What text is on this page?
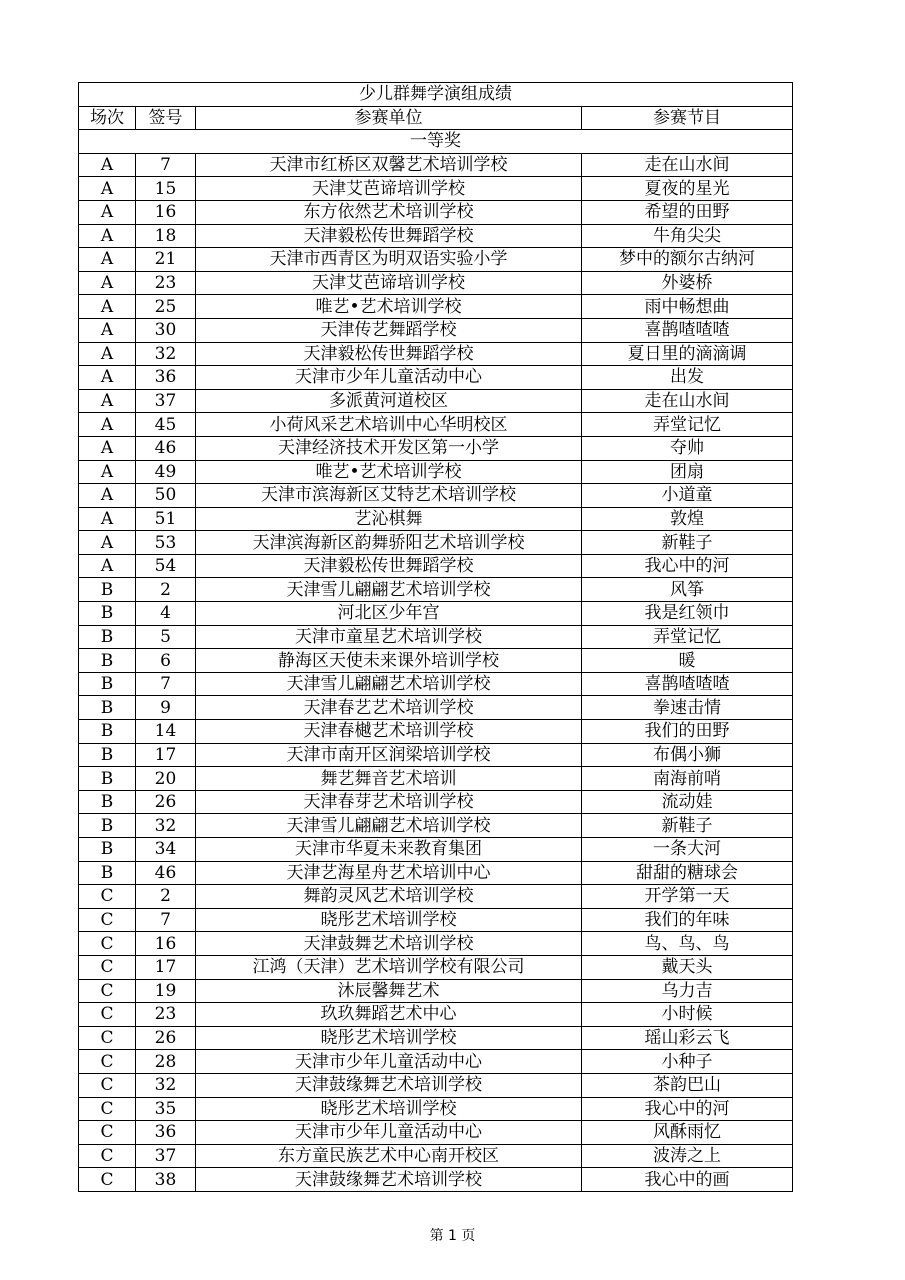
少儿群舞学演组成绩			
场次	签号	参赛单位	参赛节目
一等奖			
A	7	天津市红桥区双馨艺术培训学校	走在山水间
A	15	天津艾芭谛培训学校	夏夜的星光
A	16	东方依然艺术培训学校	希望的田野
A	18	天津毅松传世舞蹈学校	牛角尖尖
A	21	天津市西青区为明双语实验小学	梦中的额尔古纳河
A	23	天津艾芭谛培训学校	外婆桥
A	25	唯艺•艺术培训学校	雨中畅想曲
A	30	天津传艺舞蹈学校	喜鹊喳喳喳
A	32	天津毅松传世舞蹈学校	夏日里的滴滴调
A	36	天津市少年儿童活动中心	出发
A	37	多派黄河道校区	走在山水间
A	45	小荷风采艺术培训中心华明校区	弄堂记忆
A	46	天津经济技术开发区第一小学	夺帅
A	49	唯艺•艺术培训学校	团扇
A	50	天津市滨海新区艾特艺术培训学校	小道童
A	51	艺沁棋舞	敦煌
A	53	天津滨海新区韵舞骄阳艺术培训学校	新鞋子
A	54	天津毅松传世舞蹈学校	我心中的河
B	2	天津雪儿翩翩艺术培训学校	风筝
B	4	河北区少年宫	我是红领巾
B	5	天津市童星艺术培训学校	弄堂记忆
B	6	静海区天使未来课外培训学校	暖
B	7	天津雪儿翩翩艺术培训学校	喜鹊喳喳喳
B	9	天津春艺艺术培训学校	拳速击情
B	14	天津春樾艺术培训学校	我们的田野
B	17	天津市南开区润梁培训学校	布偶小狮
B	20	舞艺舞音艺术培训	南海前哨
B	26	天津春芽艺术培训学校	流动娃
B	32	天津雪儿翩翩艺术培训学校	新鞋子
B	34	天津市华夏未来教育集团	一条大河
B	46	天津艺海星舟艺术培训中心	甜甜的糖球会
C	2	舞韵灵风艺术培训学校	开学第一天
C	7	晓彤艺术培训学校	我们的年味
C	16	天津鼓舞艺术培训学校	鸟、鸟、鸟
C	17	江鸿（天津）艺术培训学校有限公司	戴天头
C	19	沐辰馨舞艺术	乌力吉
C	23	玖玖舞蹈艺术中心	小时候
C	26	晓彤艺术培训学校	瑶山彩云飞
C	28	天津市少年儿童活动中心	小种子
C	32	天津鼓缘舞艺术培训学校	茶韵巴山
C	35	晓彤艺术培训学校	我心中的河
C	36	天津市少年儿童活动中心	风酥雨忆
C	37	东方童民族艺术中心南开校区	波涛之上
C	38	天津鼓缘舞艺术培训学校	我心中的画
第 1 页
